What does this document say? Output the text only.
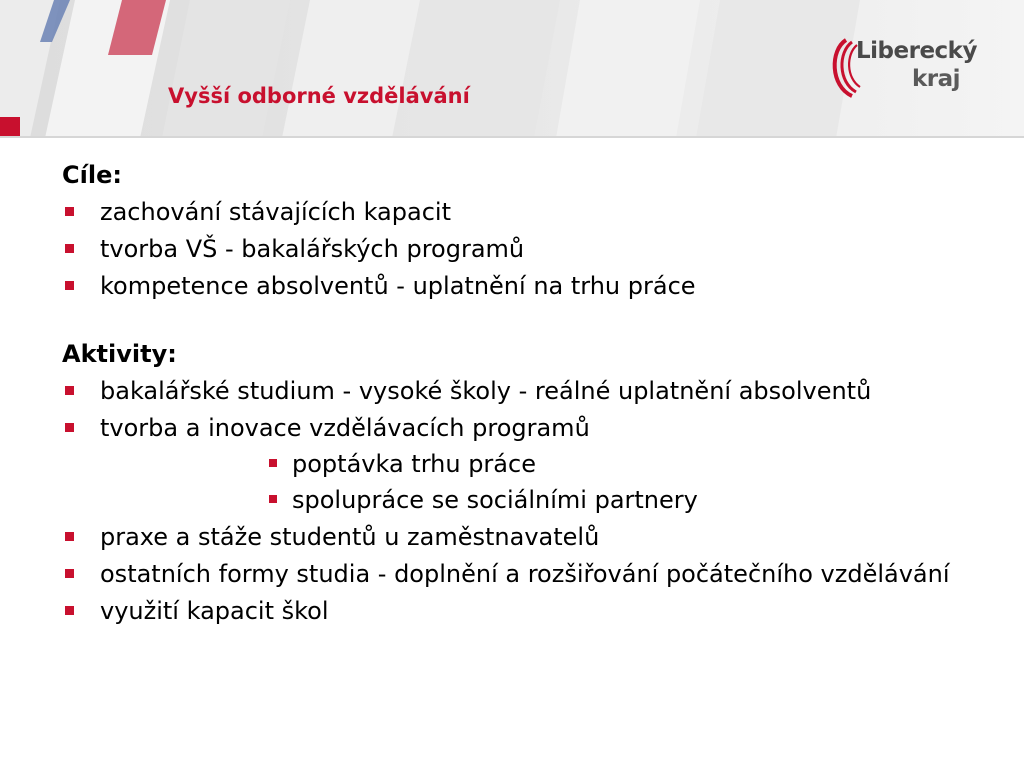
Liberecký
kraj
Vyšší odborné vzdělávání

Cíle:

zachování stávajících kapacit
tvorba VŠ - bakalářských programů
kompetence absolventů - uplatnění na trhu práce

Aktivity:

bakalářské studium - vysoké školy - reálné uplatnění absolventů
tvorba a inovace vzdělávacích programů
poptávka trhu práce
spolupráce se sociálními partnery
praxe a stáže studentů u zaměstnavatelů
ostatních formy studia - doplnění a rozšiřování počátečního vzdělávání
využití kapacit škol
